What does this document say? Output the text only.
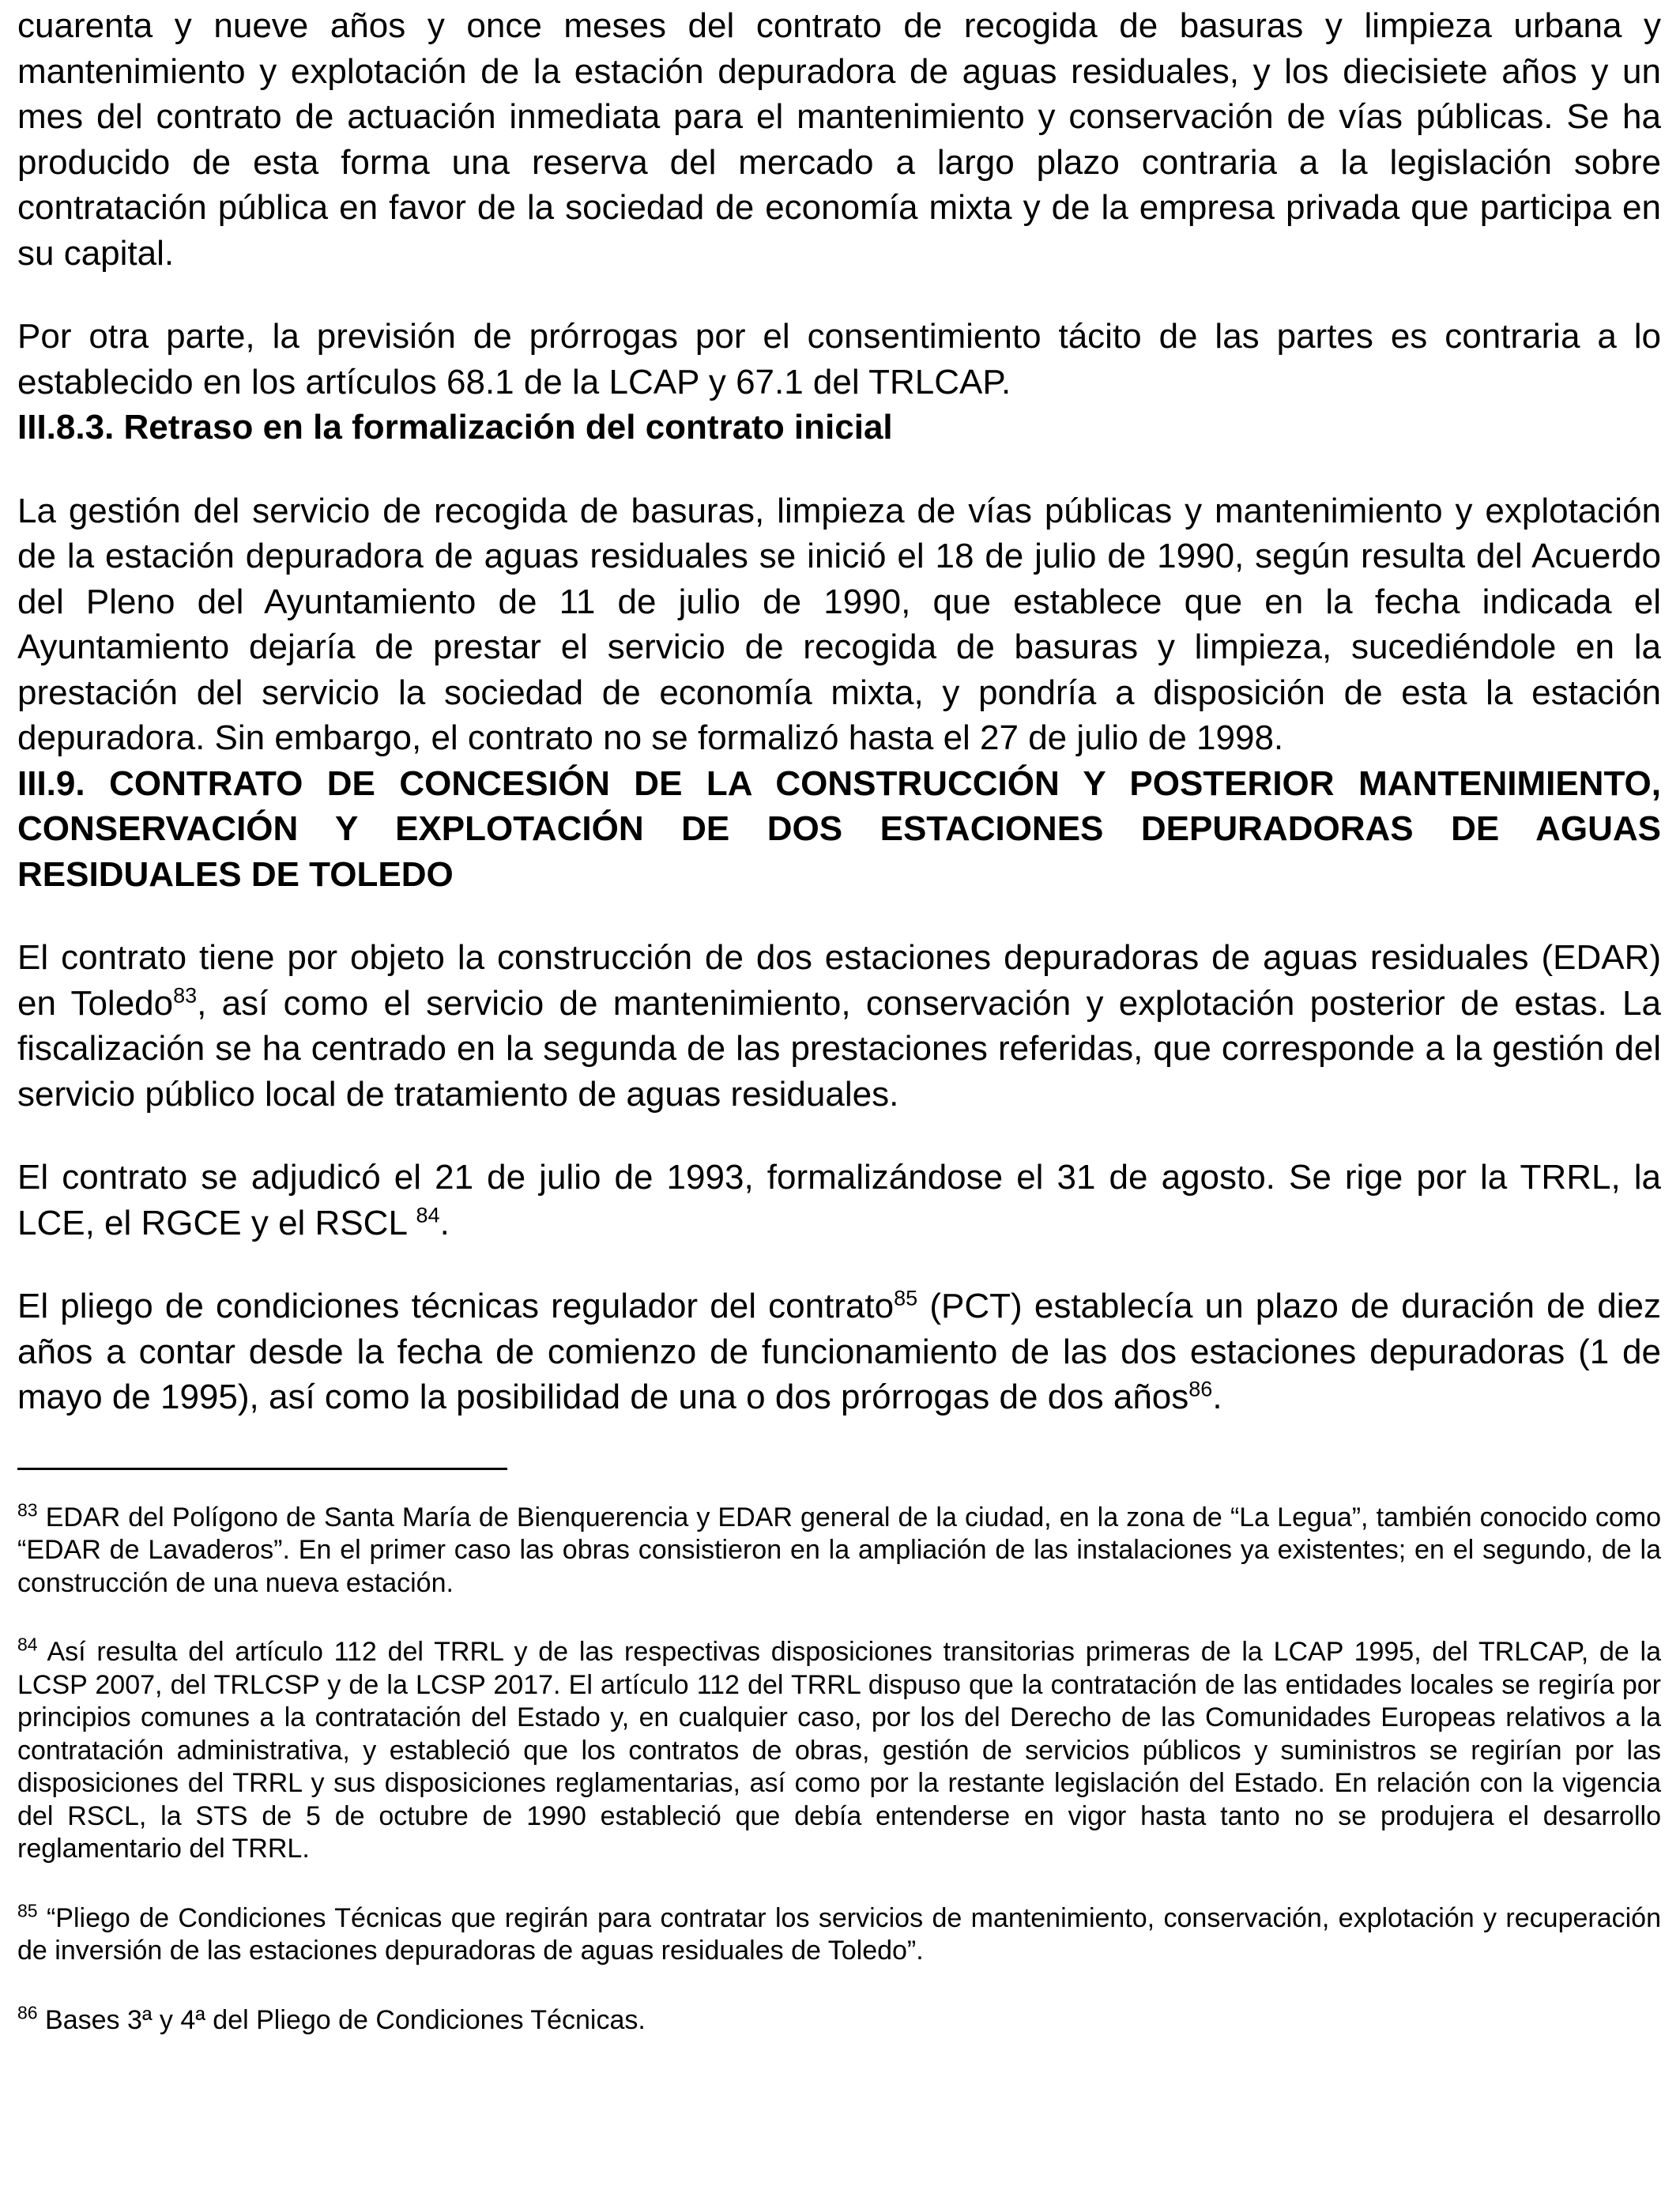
cuarenta y nueve años y once meses del contrato de recogida de basuras y limpieza urbana y mantenimiento y explotación de la estación depuradora de aguas residuales, y los diecisiete años y un mes del contrato de actuación inmediata para el mantenimiento y conservación de vías públicas. Se ha producido de esta forma una reserva del mercado a largo plazo contraria a la legislación sobre contratación pública en favor de la sociedad de economía mixta y de la empresa privada que participa en su capital.

Por otra parte, la previsión de prórrogas por el consentimiento tácito de las partes es contraria a lo establecido en los artículos 68.1 de la LCAP y 67.1 del TRLCAP.

III.8.3. Retraso en la formalización del contrato inicial

La gestión del servicio de recogida de basuras, limpieza de vías públicas y mantenimiento y explotación de la estación depuradora de aguas residuales se inició el 18 de julio de 1990, según resulta del Acuerdo del Pleno del Ayuntamiento de 11 de julio de 1990, que establece que en la fecha indicada el Ayuntamiento dejaría de prestar el servicio de recogida de basuras y limpieza, sucediéndole en la prestación del servicio la sociedad de economía mixta, y pondría a disposición de esta la estación depuradora. Sin embargo, el contrato no se formalizó hasta el 27 de julio de 1998.

III.9. CONTRATO DE CONCESIÓN DE LA CONSTRUCCIÓN Y POSTERIOR MANTENIMIENTO, CONSERVACIÓN Y EXPLOTACIÓN DE DOS ESTACIONES DEPURADORAS DE AGUAS RESIDUALES DE TOLEDO

El contrato tiene por objeto la construcción de dos estaciones depuradoras de aguas residuales (EDAR) en Toledo$^{83}$, así como el servicio de mantenimiento, conservación y explotación posterior de estas. La fiscalización se ha centrado en la segunda de las prestaciones referidas, que corresponde a la gestión del servicio público local de tratamiento de aguas residuales.

El contrato se adjudicó el 21 de julio de 1993, formalizándose el 31 de agosto. Se rige por la TRRL, la LCE, el RGCE y el RSCL $^{84}$.

El pliego de condiciones técnicas regulador del contrato$^{85}$ (PCT) establecía un plazo de duración de diez años a contar desde la fecha de comienzo de funcionamiento de las dos estaciones depuradoras (1 de mayo de 1995), así como la posibilidad de una o dos prórrogas de dos años$^{86}$.

$^{83}$ EDAR del Polígono de Santa María de Bienquerencia y EDAR general de la ciudad, en la zona de “La Legua”, también conocido como “EDAR de Lavaderos”. En el primer caso las obras consistieron en la ampliación de las instalaciones ya existentes; en el segundo, de la construcción de una nueva estación.

$^{84}$ Así resulta del artículo 112 del TRRL y de las respectivas disposiciones transitorias primeras de la LCAP 1995, del TRLCAP, de la LCSP 2007, del TRLCSP y de la LCSP 2017. El artículo 112 del TRRL dispuso que la contratación de las entidades locales se regiría por principios comunes a la contratación del Estado y, en cualquier caso, por los del Derecho de las Comunidades Europeas relativos a la contratación administrativa, y estableció que los contratos de obras, gestión de servicios públicos y suministros se regirían por las disposiciones del TRRL y sus disposiciones reglamentarias, así como por la restante legislación del Estado. En relación con la vigencia del RSCL, la STS de 5 de octubre de 1990 estableció que debía entenderse en vigor hasta tanto no se produjera el desarrollo reglamentario del TRRL.

$^{85}$ “Pliego de Condiciones Técnicas que regirán para contratar los servicios de mantenimiento, conservación, explotación y recuperación de inversión de las estaciones depuradoras de aguas residuales de Toledo”.

$^{86}$ Bases 3ª y 4ª del Pliego de Condiciones Técnicas.
